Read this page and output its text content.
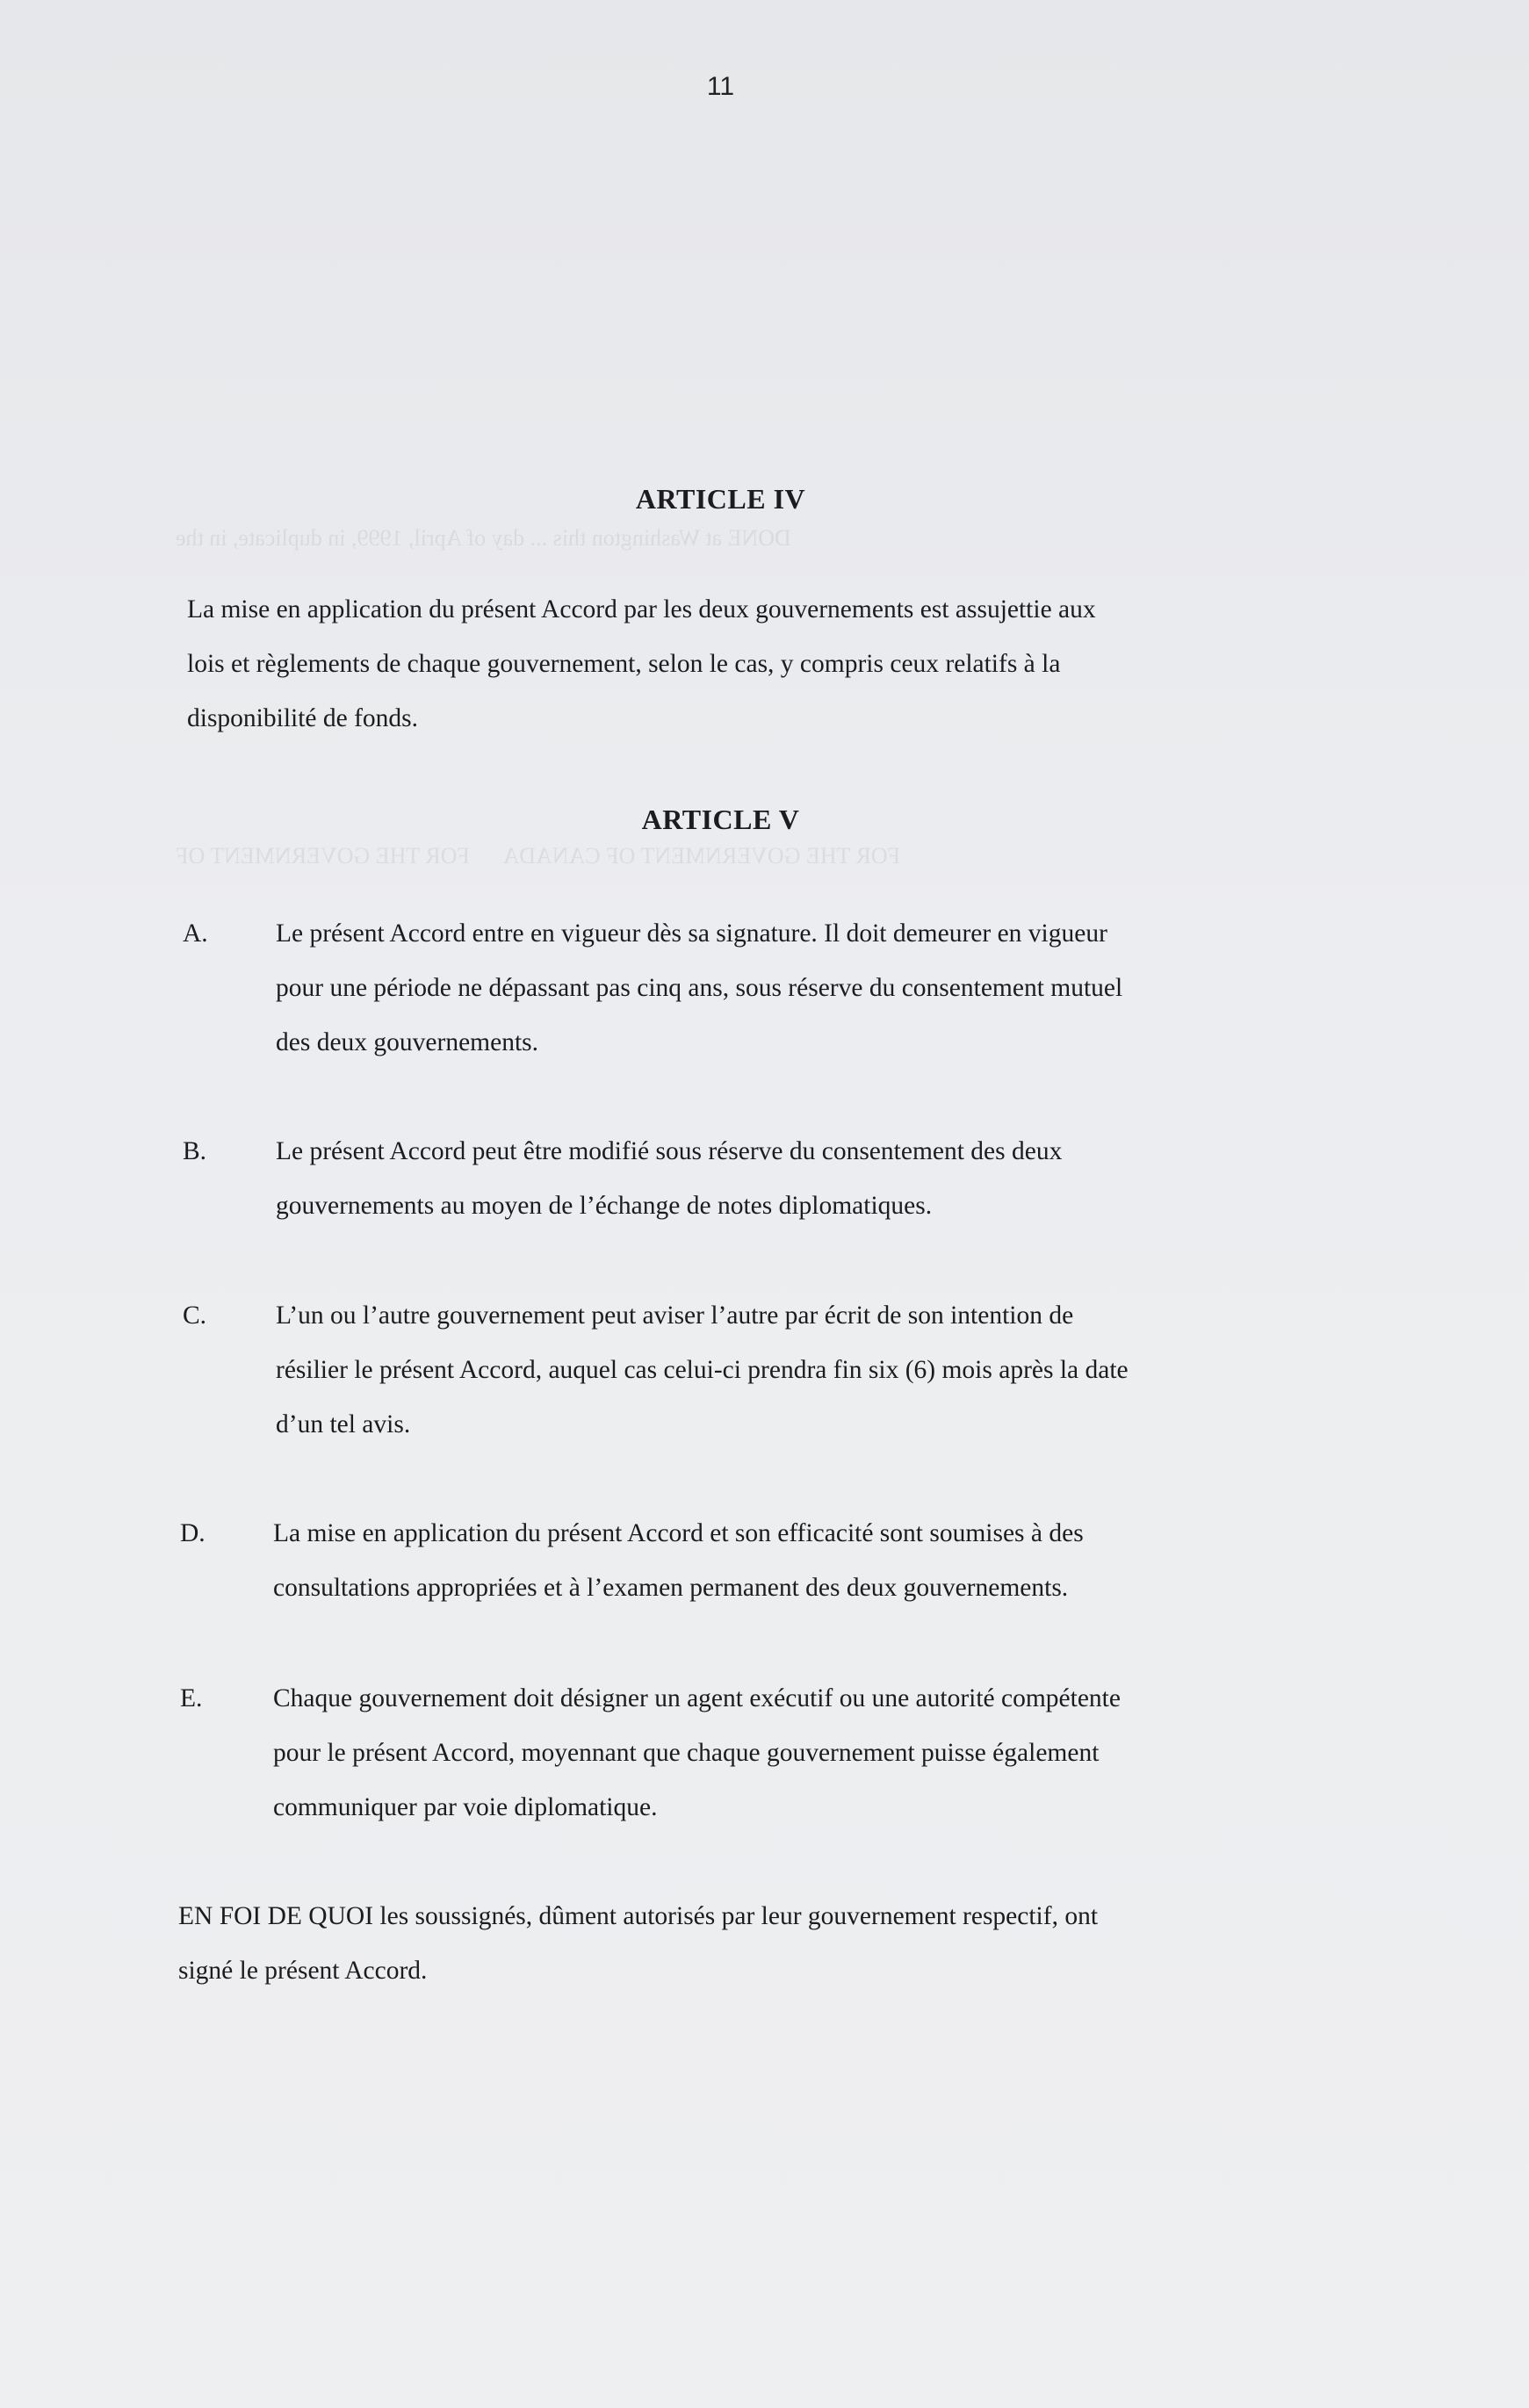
DONE at Washington this ... day of April, 1999, in duplicate, in the
FOR THE GOVERNMENT OF CANADA      FOR THE GOVERNMENT OF
11
ARTICLE IV
La mise en application du présent Accord par les deux gouvernements est assujettie aux
lois et règlements de chaque gouvernement, selon le cas, y compris ceux relatifs à la
disponibilité de fonds.
ARTICLE V
A.	Le présent Accord entre en vigueur dès sa signature. Il doit demeurer en vigueur
pour une période ne dépassant pas cinq ans, sous réserve du consentement mutuel
des deux gouvernements.
B.	Le présent Accord peut être modifié sous réserve du consentement des deux
gouvernements au moyen de l’échange de notes diplomatiques.
C.	L’un ou l’autre gouvernement peut aviser l’autre par écrit de son intention de
résilier le présent Accord, auquel cas celui-ci prendra fin six (6) mois après la date
d’un tel avis.
D.	La mise en application du présent Accord et son efficacité sont soumises à des
consultations appropriées et à l’examen permanent des deux gouvernements.
E.	Chaque gouvernement doit désigner un agent exécutif ou une autorité compétente
pour le présent Accord, moyennant que chaque gouvernement puisse également
communiquer par voie diplomatique.
EN FOI DE QUOI les soussignés, dûment autorisés par leur gouvernement respectif, ont
signé le présent Accord.
